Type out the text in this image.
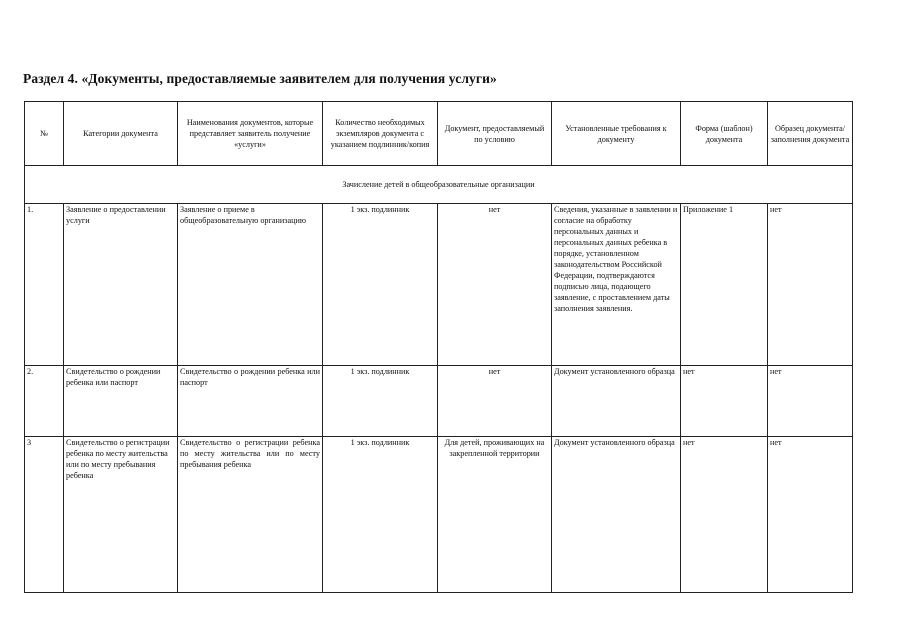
Раздел 4. «Документы, предоставляемые заявителем для получения услуги»
№	Категории документа	Наименования документов, которые представляет заявитель получение «услуги»	Количество необходимых экземпляров документа с указанием подлинник/копия	Документ, предоставляемый по условию	Установленные требования к документу	Форма (шаблон) документа	Образец документа/ заполнения документа
Зачисление детей в общеобразовательные организации							
1.	Заявление о предоставлении услуги	Заявление о приеме в общеобразовательную организацию	1 экз. подлинник	нет	Сведения, указанные в заявлении и согласие на обработку персональных данных и персональных данных ребенка в порядке, установленном законодательством Российской Федерации, подтверждаются подписью лица, подающего заявление, с проставлением даты заполнения заявления.	Приложение 1	нет
2.	Свидетельство о рождении ребенка или паспорт	Свидетельство о рождении ребенка или паспорт	1 экз. подлинник	нет	Документ установленного образца	нет	нет
3	Свидетельство о регистрации ребенка по месту жительства или по месту пребывания ребенка	Свидетельство о регистрации ребенка по месту жительства или по месту пребывания ребенка	1 экз. подлинник	Для детей, проживающих на закрепленной территории	Документ установленного образца	нет	нет
